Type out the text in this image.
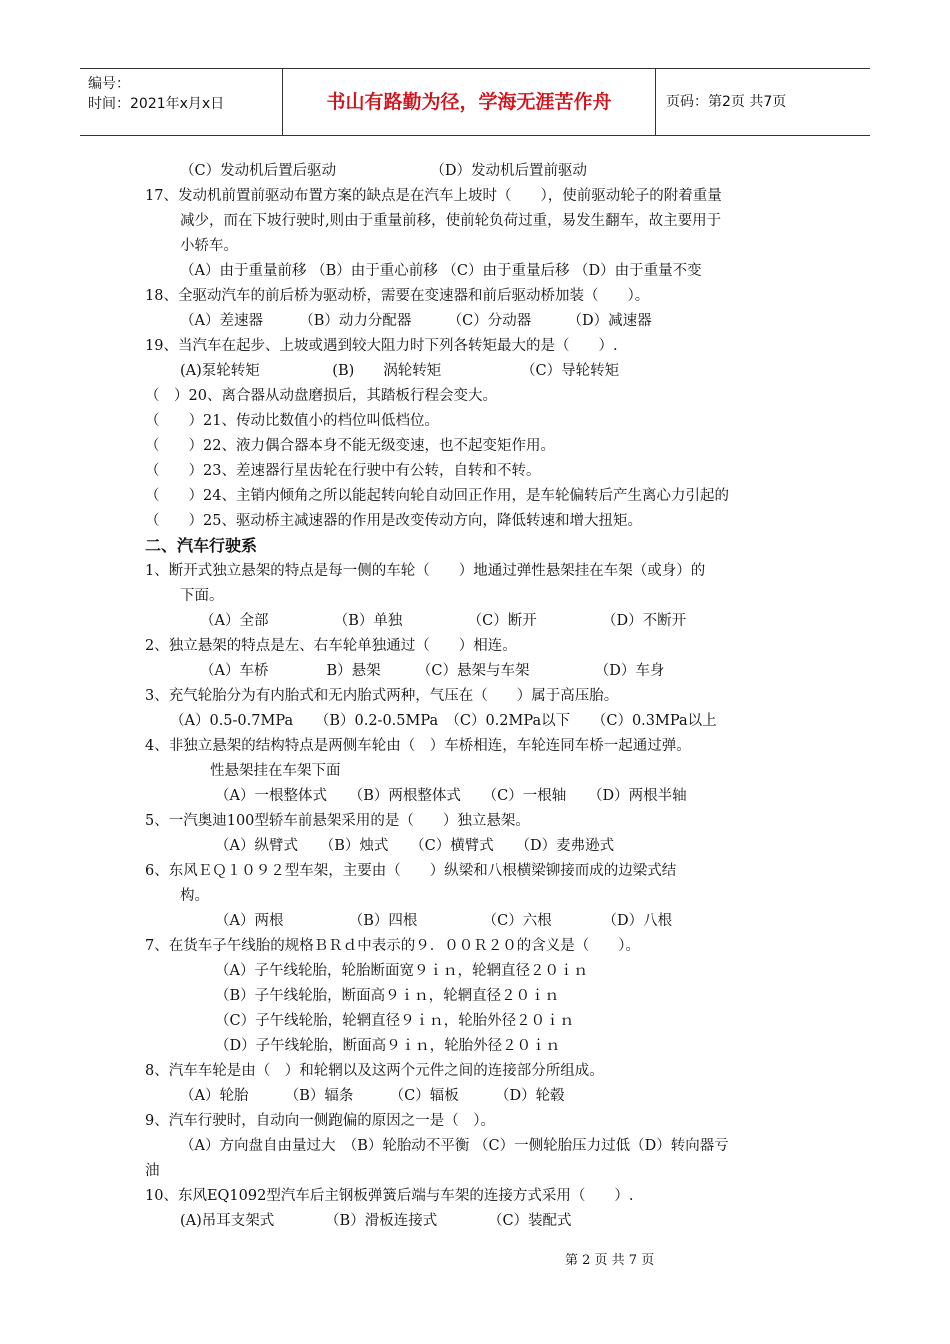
编号：
时间：2021年x月x日	书山有路勤为径，学海无涯苦作舟	页码：第2页 共7页
（C）发动机后置后驱动　　　　　　　（D）发动机后置前驱动
17、发动机前置前驱动布置方案的缺点是在汽车上坡时（　　），使前驱动轮子的附着重量
减少，而在下坡行驶时,则由于重量前移，使前轮负荷过重，易发生翻车，故主要用于
小轿车。
（A）由于重量前移 （B）由于重心前移 （C）由于重量后移 （D）由于重量不变
18、全驱动汽车的前后桥为驱动桥，需要在变速器和前后驱动桥加装（　　）。
（A）差速器　　　（B）动力分配器　　　（C）分动器　　　（D）减速器
19、当汽车在起步、上坡或遇到较大阻力时下列各转矩最大的是（　　）.
(A)泵轮转矩　　　　　(B)　　涡轮转矩　　　　　　（C）导轮转矩
（　）20、离合器从动盘磨损后，其踏板行程会变大。
（　　）21、传动比数值小的档位叫低档位。
（　　）22、液力偶合器本身不能无级变速，也不起变矩作用。
（　　）23、差速器行星齿轮在行驶中有公转，自转和不转。
（　　）24、主销内倾角之所以能起转向轮自动回正作用，是车轮偏转后产生离心力引起的
（　　）25、驱动桥主减速器的作用是改变传动方向，降低转速和增大扭矩。
二、汽车行驶系
1、断开式独立悬架的特点是每一侧的车轮（　　）地通过弹性悬架挂在车架（或身）的
下面。
（A）全部　　　　　（B）单独　　　　　（C）断开　　　　　（D）不断开
2、独立悬架的特点是左、右车轮单独通过（　　）相连。
（A）车桥　　　　B）悬架　　　（C）悬架与车架　　　　　（D）车身
3、充气轮胎分为有内胎式和无内胎式两种，气压在（　　）属于高压胎。
（A）0.5-0.7MPa　　（B）0.2-0.5MPa　（C）0.2MPa以下　　（C）0.3MPa以上
4、非独立悬架的结构特点是两侧车轮由（　）车桥相连，车轮连同车桥一起通过弹。
性悬架挂在车架下面
（A）一根整体式　　（B）两根整体式　　（C）一根轴　　（D）两根半轴
5、一汽奥迪100型轿车前悬架采用的是（　　）独立悬架。
（A）纵臂式　　（B）烛式　　（C）横臂式　　（D）麦弗逊式
6、东风ＥＱ１０９２型车架，主要由（　　）纵梁和八根横梁铆接而成的边梁式结
构。
（A）两根　　　　　（B）四根　　　　　（C）六根　　　　（D）八根
7、在货车子午线胎的规格ＢＲｄ中表示的９．００Ｒ２０的含义是（　　）。
（A）子午线轮胎，轮胎断面宽９ｉｎ，轮辋直径２０ｉｎ
（B）子午线轮胎，断面高９ｉｎ，轮辋直径２０ｉｎ
（C）子午线轮胎，轮辋直径９ｉｎ，轮胎外径２０ｉｎ
（D）子午线轮胎，断面高９ｉｎ，轮胎外径２０ｉｎ
8、汽车车轮是由（　）和轮辋以及这两个元件之间的连接部分所组成。
（A）轮胎　　　（B）辐条　　　（C）辐板　　　（D）轮毂
9、汽车行驶时，自动向一侧跑偏的原因之一是（　）。
（A）方向盘自由量过大　（B）轮胎动不平衡 （C）一侧轮胎压力过低（D）转向器亏
油
10、东风EQ1092型汽车后主钢板弹簧后端与车架的连接方式采用（　　）.
(A)吊耳支架式　　　　（B）滑板连接式　　　　（C）装配式
第 2 页 共 7 页
